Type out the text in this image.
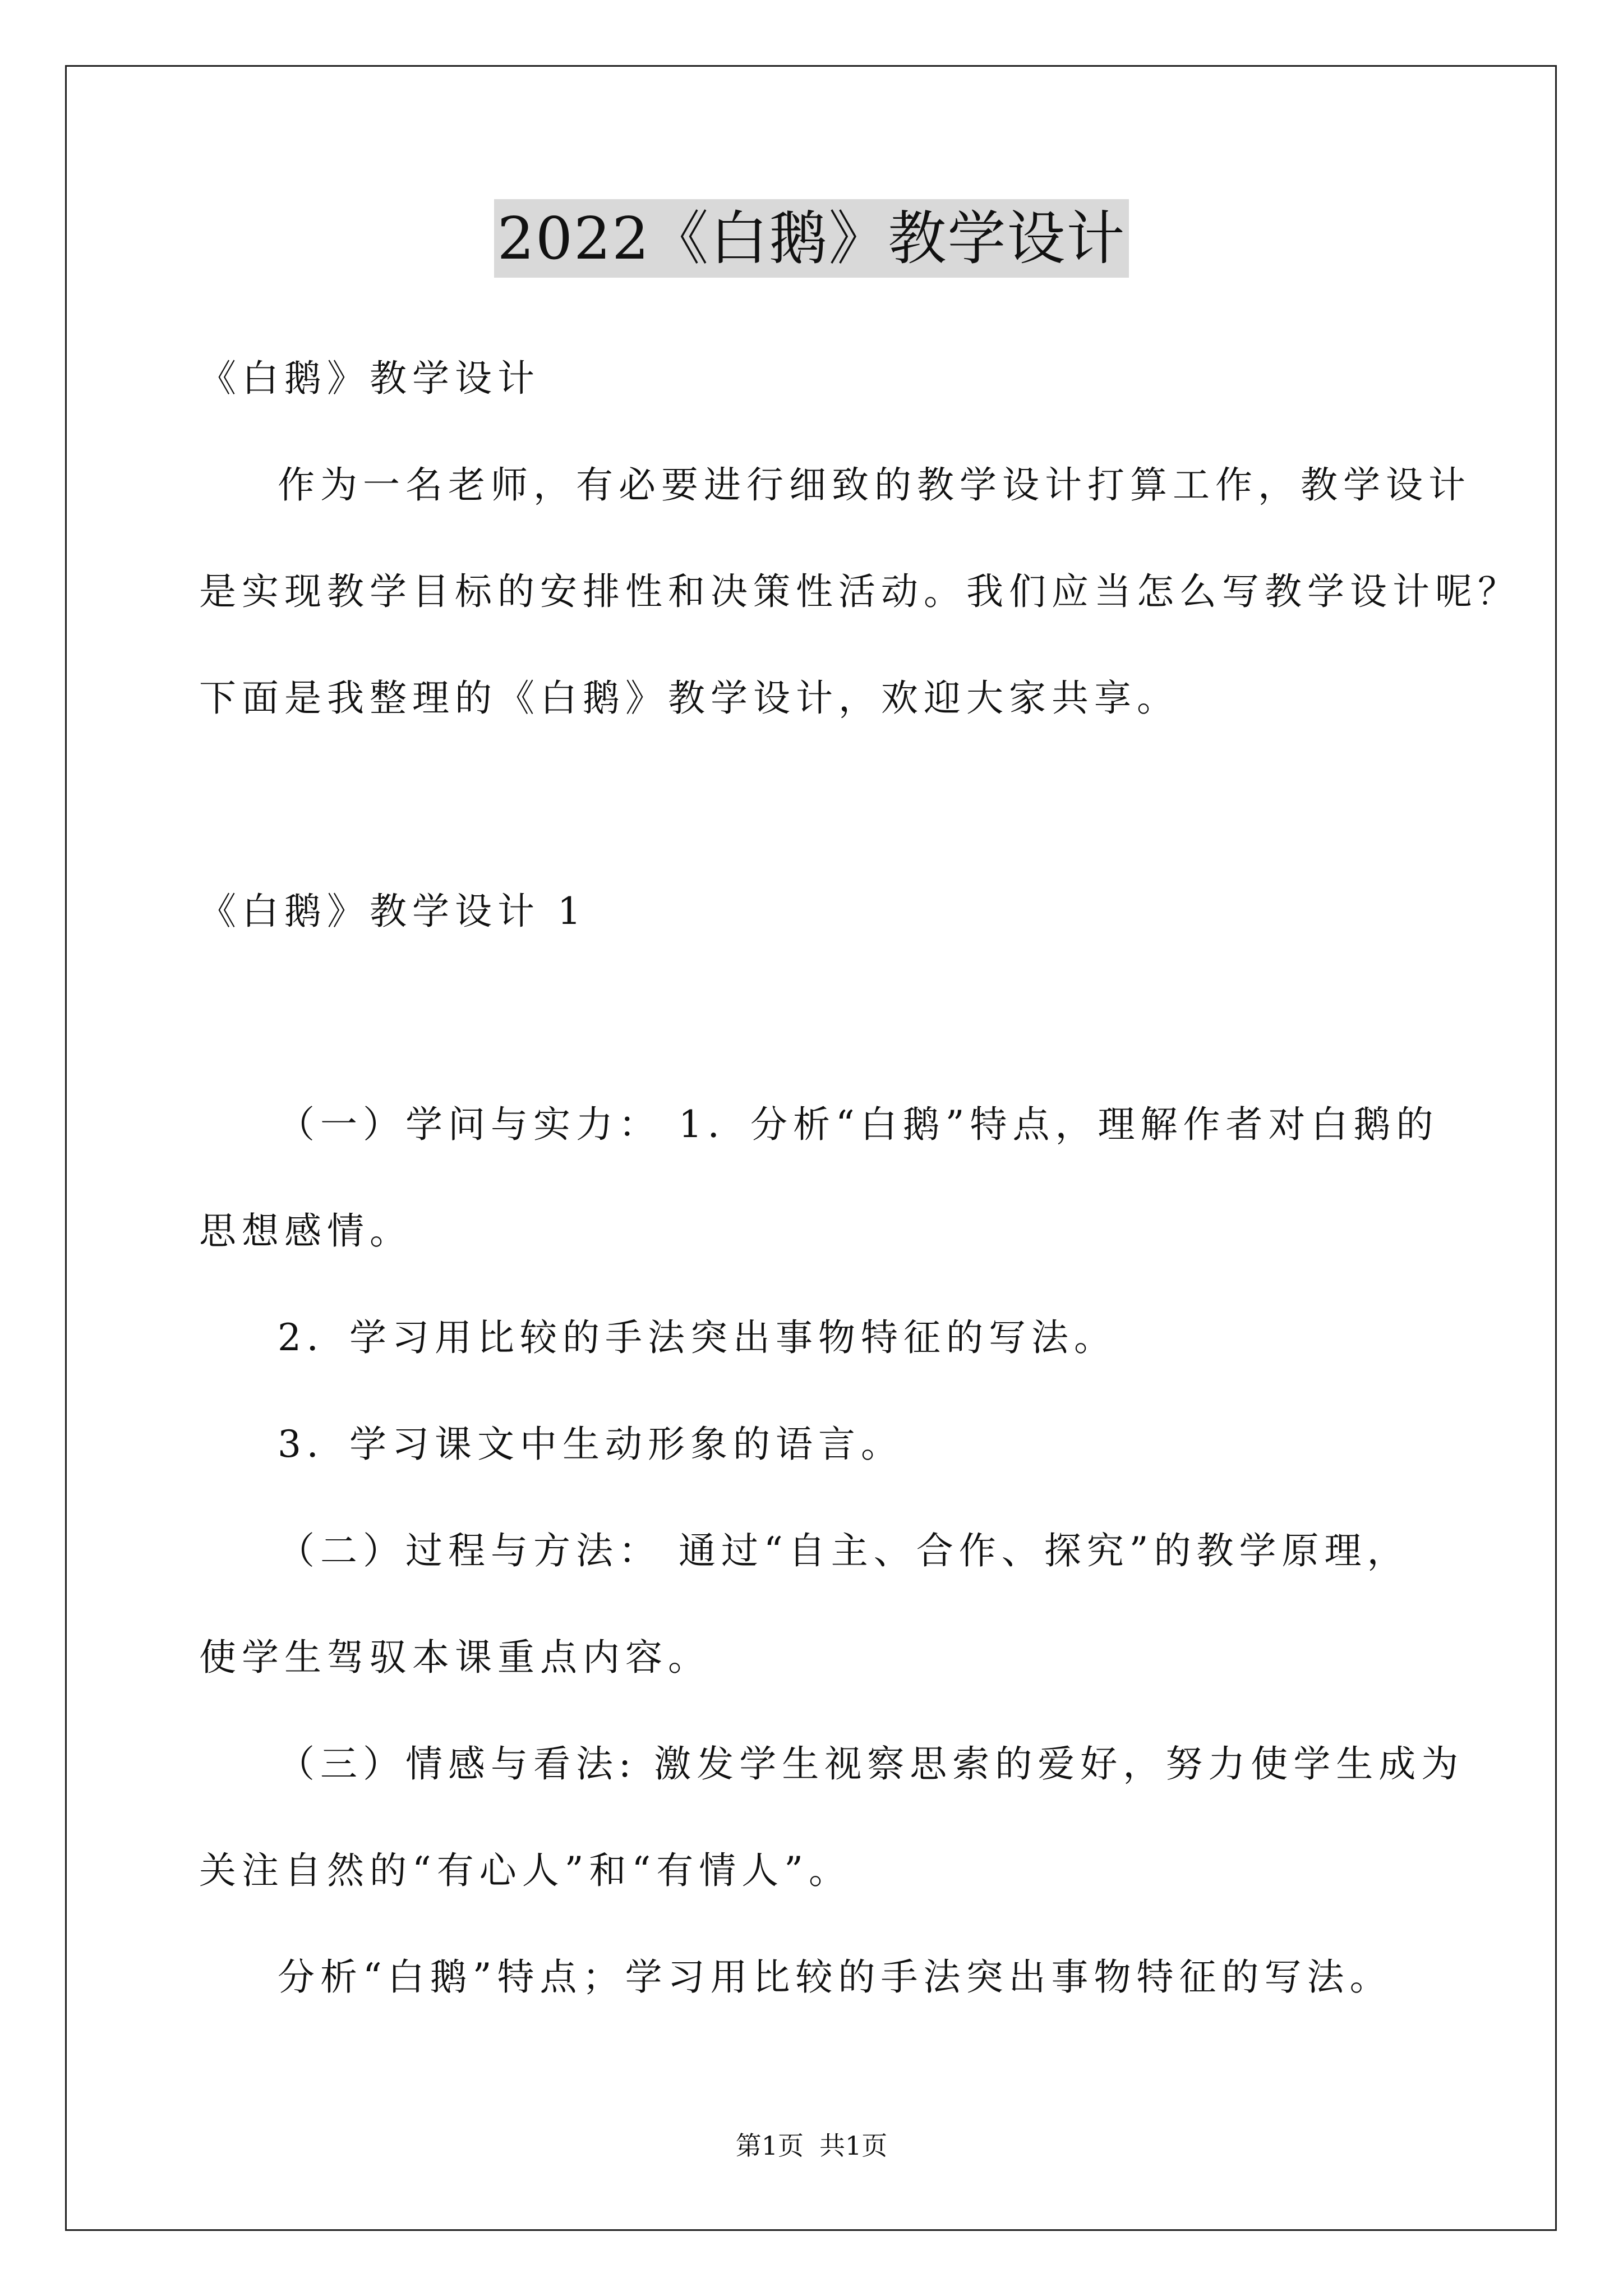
2022《白鹅》教学设计
《白鹅》教学设计
作为一名老师，有必要进行细致的教学设计打算工作，教学设计
是实现教学目标的安排性和决策性活动。我们应当怎么写教学设计呢？
下面是我整理的《白鹅》教学设计，欢迎大家共享。
《白鹅》教学设计 1
（一）学问与实力： 1．分析“白鹅”特点，理解作者对白鹅的
思想感情。
2．学习用比较的手法突出事物特征的写法。
3．学习课文中生动形象的语言。
（二）过程与方法： 通过“自主、合作、探究”的教学原理，
使学生驾驭本课重点内容。
（三）情感与看法: 激发学生视察思索的爱好，努力使学生成为
关注自然的“有心人”和“有情人”。
分析“白鹅”特点；学习用比较的手法突出事物特征的写法。
第1页 共1页
